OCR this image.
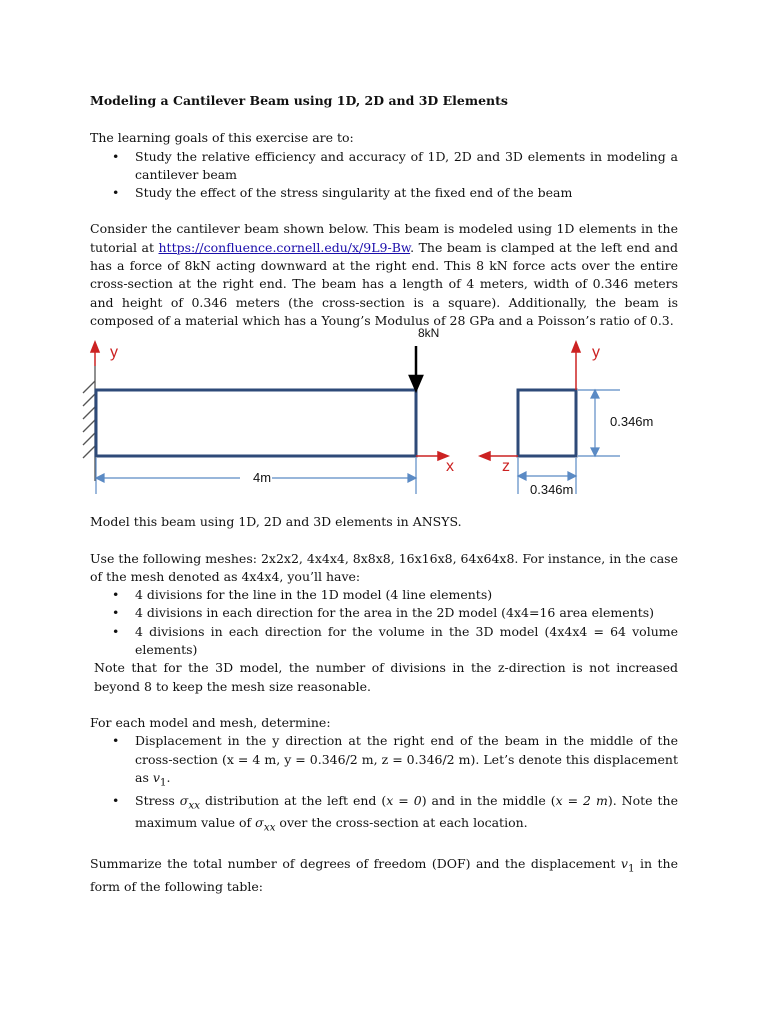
Modeling a Cantilever Beam using 1D, 2D and 3D Elements

The learning goals of this exercise are to:

• Study the relative efficiency and accuracy of 1D, 2D and 3D elements in modeling a cantilever beam
• Study the effect of the stress singularity at the fixed end of the beam

Consider the cantilever beam shown below. This beam is modeled using 1D elements in the tutorial at https://confluence.cornell.edu/x/9L9-Bw. The beam is clamped at the left end and has a force of 8kN acting downward at the right end. This 8 kN force acts over the entire cross-section at the right end. The beam has a length of 4 meters, width of 0.346 meters and height of 0.346 meters (the cross-section is a square). Additionally, the beam is composed of a material which has a Young’s Modulus of 28 GPa and a Poisson’s ratio of 0.3.

y
8kN
x
4m
y
z
0.346m
0.346m

Model this beam using 1D, 2D and 3D elements in ANSYS.

Use the following meshes: 2x2x2, 4x4x4, 8x8x8, 16x16x8, 64x64x8. For instance, in the case of the mesh denoted as 4x4x4, you’ll have:

• 4 divisions for the line in the 1D model (4 line elements)
• 4 divisions in each direction for the area in the 2D model (4x4=16 area elements)
• 4 divisions in each direction for the volume in the 3D model (4x4x4 = 64 volume elements)

Note that for the 3D model, the number of divisions in the z-direction is not increased beyond 8 to keep the mesh size reasonable.

For each model and mesh, determine:

• Displacement in the y direction at the right end of the beam in the middle of the cross-section (x = 4 m, y = 0.346/2 m, z = 0.346/2 m). Let’s denote this displacement as $v_1$.
• Stress $\sigma_{xx}$ distribution at the left end (x = 0) and in the middle (x = 2 m). Note the maximum value of $\sigma_{xx}$ over the cross-section at each location.

Summarize the total number of degrees of freedom (DOF) and the displacement $v_1$ in the form of the following table:
